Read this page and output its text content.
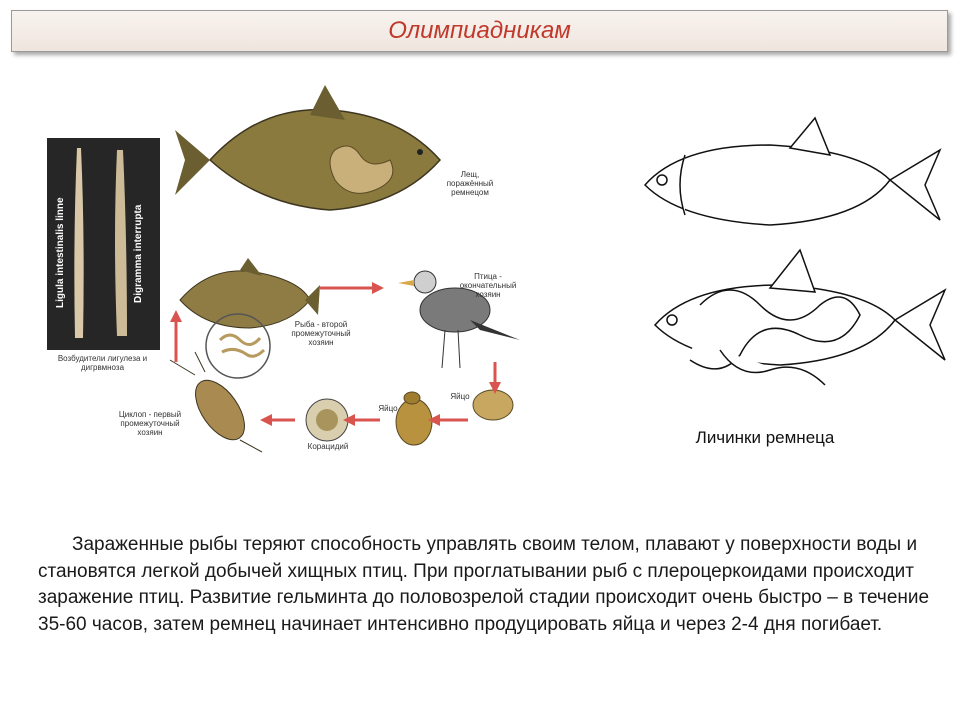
Олимпиадникам
Ligula intestinalis linne	Digramma interrupta
Возбудители лигулеза и
дигрвмноза
Лещ,
поражённый
ремнецом
Птица -
окончательный
хозяин
Рыба - второй
промежуточный
хозяин
Яйцо
Яйцо
Корацидий
Циклоп - первый
промежуточный
хозяин	Личинки ремнеца

Зараженные рыбы теряют способность управлять своим телом, плавают у поверхности воды и становятся легкой добычей хищных птиц. При проглатывании рыб с плероцеркоидами происходит заражение птиц. Развитие гельминта до половозрелой стадии происходит очень быстро – в течение 35-60 часов, затем ремнец начинает интенсивно продуцировать яйца и через 2-4 дня погибает.
